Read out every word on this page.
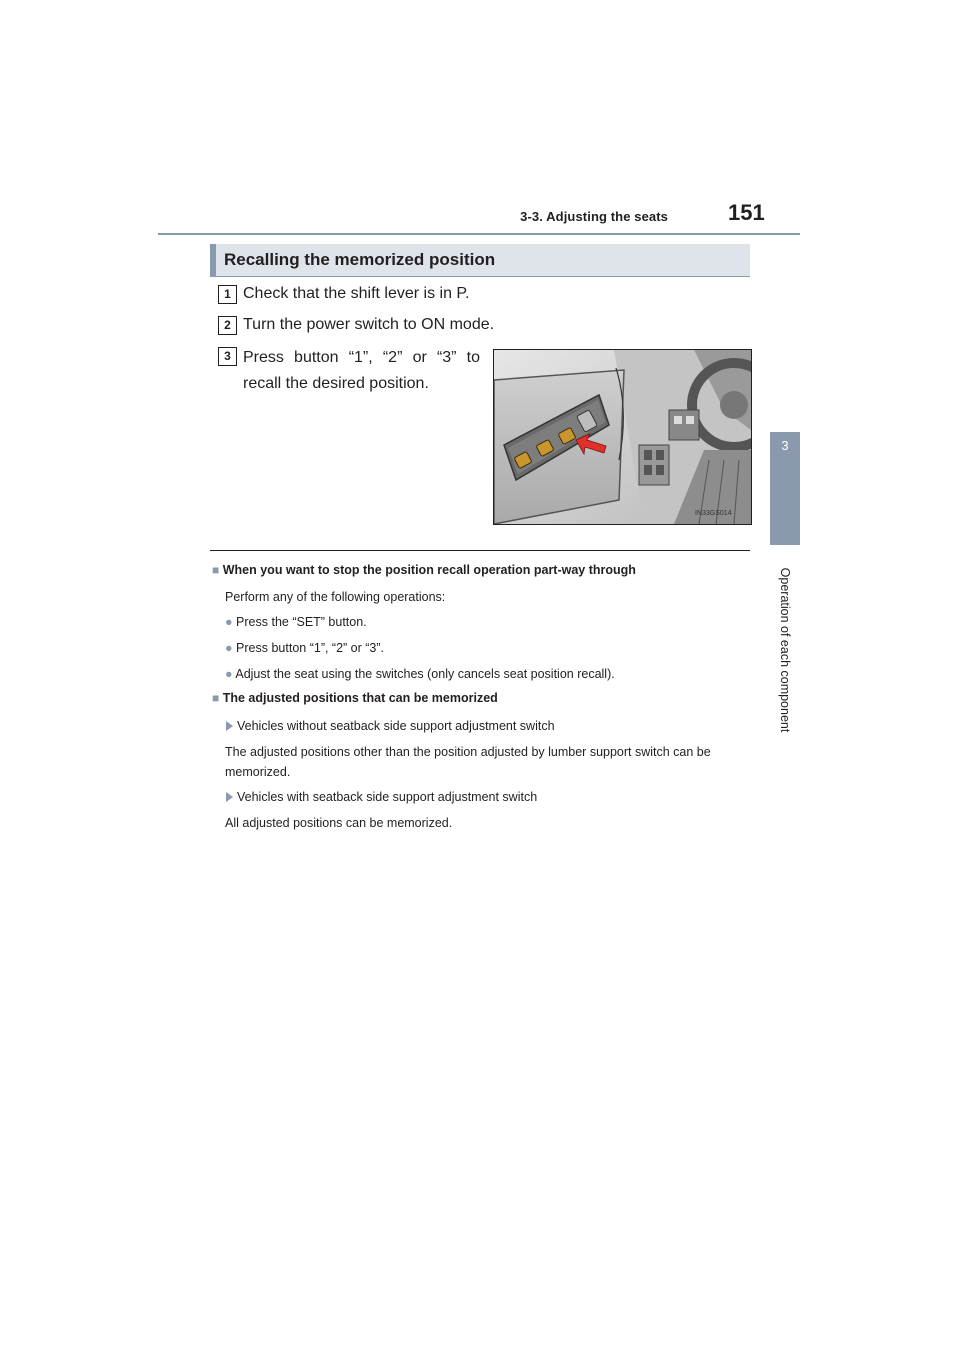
3-3. Adjusting the seats	151
3
Operation of each component
Recalling the memorized position
1 Check that the shift lever is in P.
2 Turn the power switch to ON mode.
3 Press button “1”, “2” or “3” to
recall the desired position.
IN33GS014
■ When you want to stop the position recall operation part-way through
Perform any of the following operations:
● Press the “SET” button.
● Press button “1”, “2” or “3”.
● Adjust the seat using the switches (only cancels seat position recall).
■ The adjusted positions that can be memorized
Vehicles without seatback side support adjustment switch
The adjusted positions other than the position adjusted by lumber support switch can be memorized.
Vehicles with seatback side support adjustment switch
All adjusted positions can be memorized.
